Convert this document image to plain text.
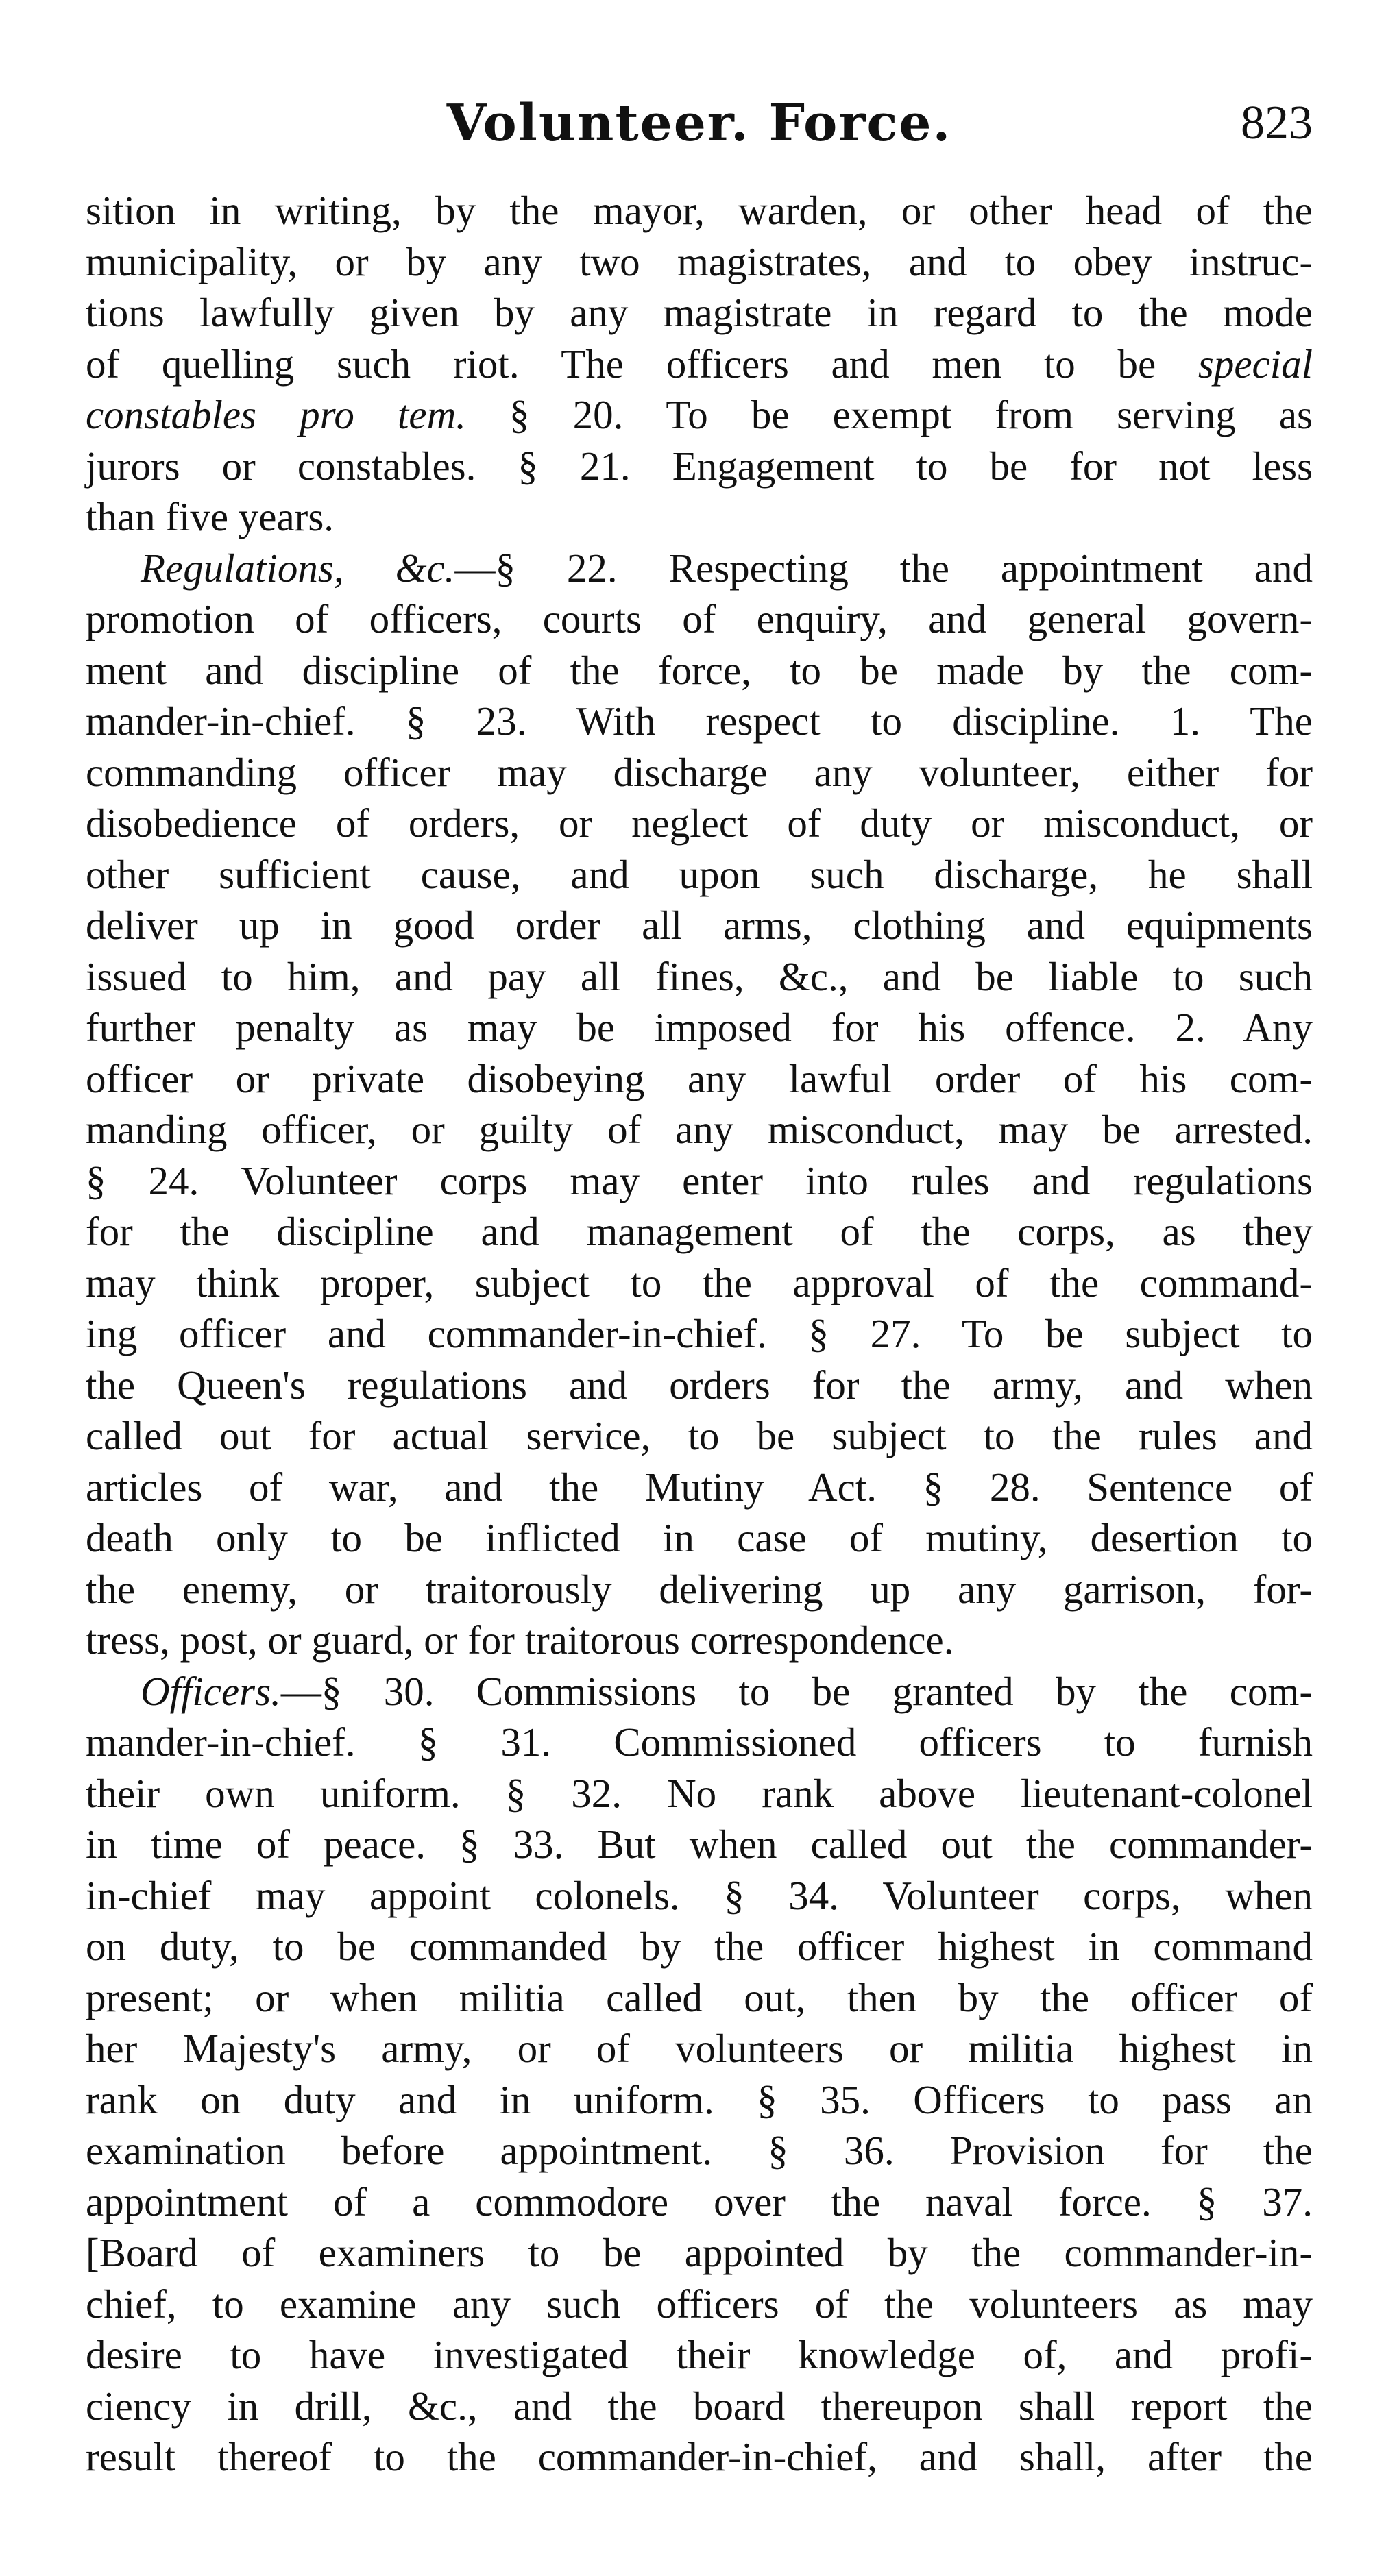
Volunteer. Force.	823
sition in writing, by the mayor, warden, or other head of the
municipality, or by any two magistrates, and to obey instruc-
tions lawfully given by any magistrate in regard to the mode
of quelling such riot. The officers and men to be special
constables pro tem. § 20. To be exempt from serving as
jurors or constables. § 21. Engagement to be for not less
than five years.
Regulations, &c.—§ 22. Respecting the appointment and
promotion of officers, courts of enquiry, and general govern-
ment and discipline of the force, to be made by the com-
mander-in-chief. § 23. With respect to discipline. 1. The
commanding officer may discharge any volunteer, either for
disobedience of orders, or neglect of duty or misconduct, or
other sufficient cause, and upon such discharge, he shall
deliver up in good order all arms, clothing and equipments
issued to him, and pay all fines, &c., and be liable to such
further penalty as may be imposed for his offence. 2. Any
officer or private disobeying any lawful order of his com-
manding officer, or guilty of any misconduct, may be arrested.
§ 24. Volunteer corps may enter into rules and regulations
for the discipline and management of the corps, as they
may think proper, subject to the approval of the command-
ing officer and commander-in-chief. § 27. To be subject to
the Queen's regulations and orders for the army, and when
called out for actual service, to be subject to the rules and
articles of war, and the Mutiny Act. § 28. Sentence of
death only to be inflicted in case of mutiny, desertion to
the enemy, or traitorously delivering up any garrison, for-
tress, post, or guard, or for traitorous correspondence.
Officers.—§ 30. Commissions to be granted by the com-
mander-in-chief. § 31. Commissioned officers to furnish
their own uniform. § 32. No rank above lieutenant-colonel
in time of peace. § 33. But when called out the commander-
in-chief may appoint colonels. § 34. Volunteer corps, when
on duty, to be commanded by the officer highest in command
present; or when militia called out, then by the officer of
her Majesty's army, or of volunteers or militia highest in
rank on duty and in uniform. § 35. Officers to pass an
examination before appointment. § 36. Provision for the
appointment of a commodore over the naval force. § 37.
[Board of examiners to be appointed by the commander-in-
chief, to examine any such officers of the volunteers as may
desire to have investigated their knowledge of, and profi-
ciency in drill, &c., and the board thereupon shall report the
result thereof to the commander-in-chief, and shall, after the
